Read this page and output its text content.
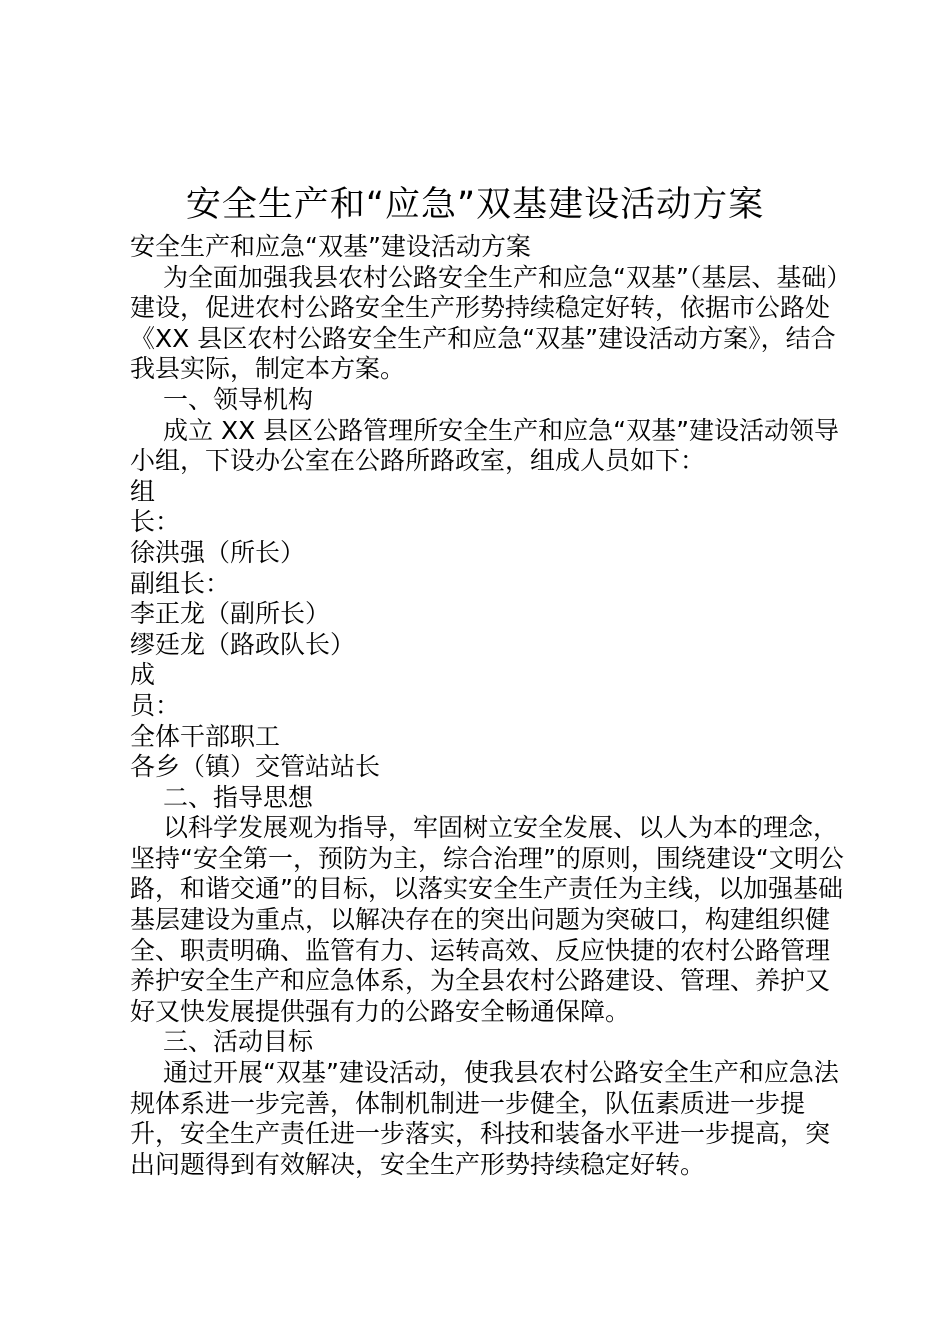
安全生产和“应急”双基建设活动方案

安全生产和应急“双基”建设活动方案

为全面加强我县农村公路安全生产和应急“双基”（基层、基础）建设，促进农村公路安全生产形势持续稳定好转，依据市公路处《XX 县区农村公路安全生产和应急“双基”建设活动方案》，结合我县实际，制定本方案。

一、领导机构

成立 XX 县区公路管理所安全生产和应急“双基”建设活动领导小组，下设办公室在公路所路政室，组成人员如下：

组

长：

徐洪强（所长）

副组长：

李正龙（副所长）

缪廷龙（路政队长）

成

员：

全体干部职工

各乡（镇）交管站站长

二、指导思想

以科学发展观为指导，牢固树立安全发展、以人为本的理念，坚持“安全第一，预防为主，综合治理”的原则，围绕建设“文明公路，和谐交通”的目标，以落实安全生产责任为主线，以加强基础基层建设为重点，以解决存在的突出问题为突破口，构建组织健全、职责明确、监管有力、运转高效、反应快捷的农村公路管理养护安全生产和应急体系，为全县农村公路建设、管理、养护又好又快发展提供强有力的公路安全畅通保障。

三、活动目标

通过开展“双基”建设活动，使我县农村公路安全生产和应急法规体系进一步完善，体制机制进一步健全，队伍素质进一步提升，安全生产责任进一步落实，科技和装备水平进一步提高，突出问题得到有效解决，安全生产形势持续稳定好转。
